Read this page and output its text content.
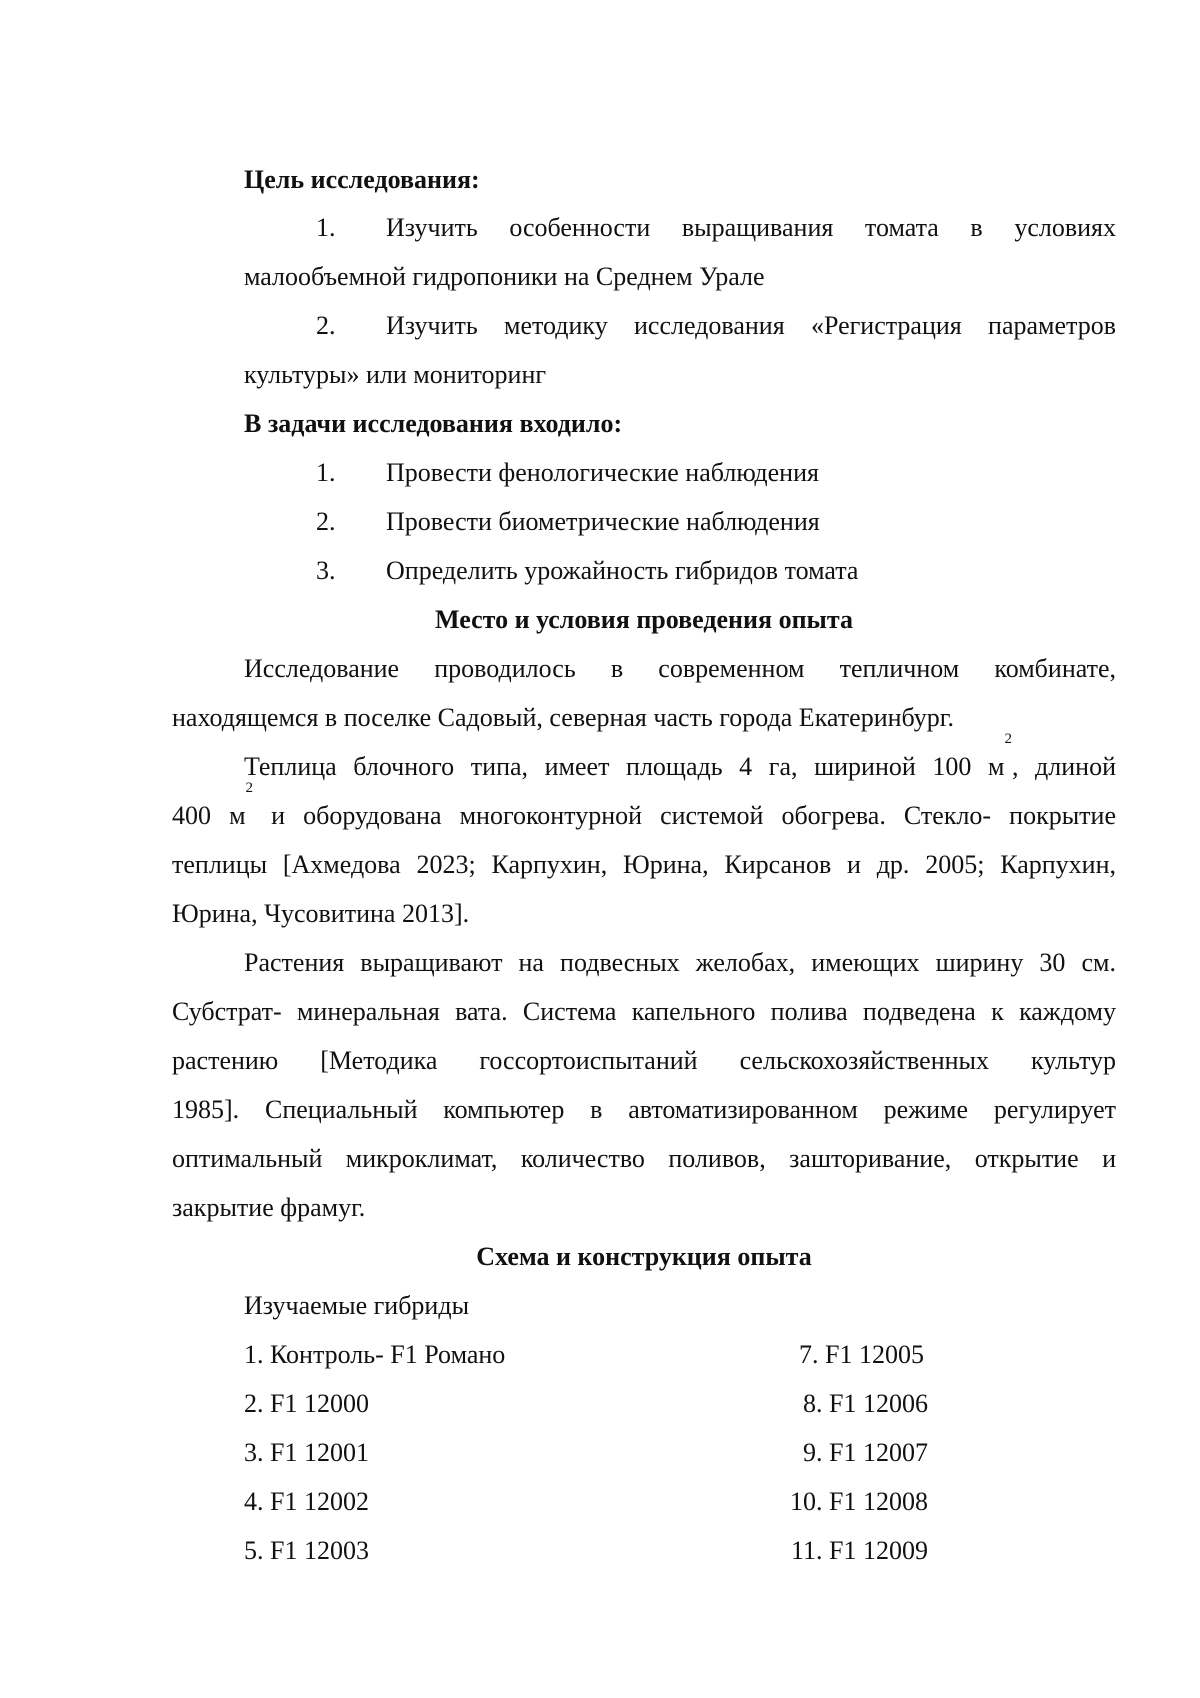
Цель исследования:
1. Изучить особенности выращивания томата в условиях
малообъемной гидропоники на Среднем Урале
2. Изучить методику исследования «Регистрация параметров
культуры» или мониторинг
В задачи исследования входило:
1. Провести фенологические наблюдения
2. Провести биометрические наблюдения
3. Определить урожайность гибридов томата
Место и условия проведения опыта
Исследование проводилось в современном тепличном комбинате,
находящемся в поселке Садовый, северная часть города Екатеринбург.
Теплица блочного типа, имеет площадь 4 га, шириной 100 $м^2$, длиной
400 $м^2$ и оборудована многоконтурной системой обогрева. Стекло- покрытие
теплицы [Ахмедова 2023; Карпухин, Юрина, Кирсанов и др. 2005; Карпухин,
Юрина, Чусовитина 2013].
Растения выращивают на подвесных желобах, имеющих ширину 30 см.
Субстрат- минеральная вата. Система капельного полива подведена к каждому
растению [Методика госсортоиспытаний сельскохозяйственных культур
1985]. Специальный компьютер в автоматизированном режиме регулирует
оптимальный микроклимат, количество поливов, зашторивание, открытие и
закрытие фрамуг.
Схема и конструкция опыта
Изучаемые гибриды
1. Контроль- F1 Романо
2. F1 12000
3. F1 12001
4. F1 12002
5. F1 12003
7. F1 12005
8. F1 12006
9. F1 12007
10. F1 12008
11. F1 12009
